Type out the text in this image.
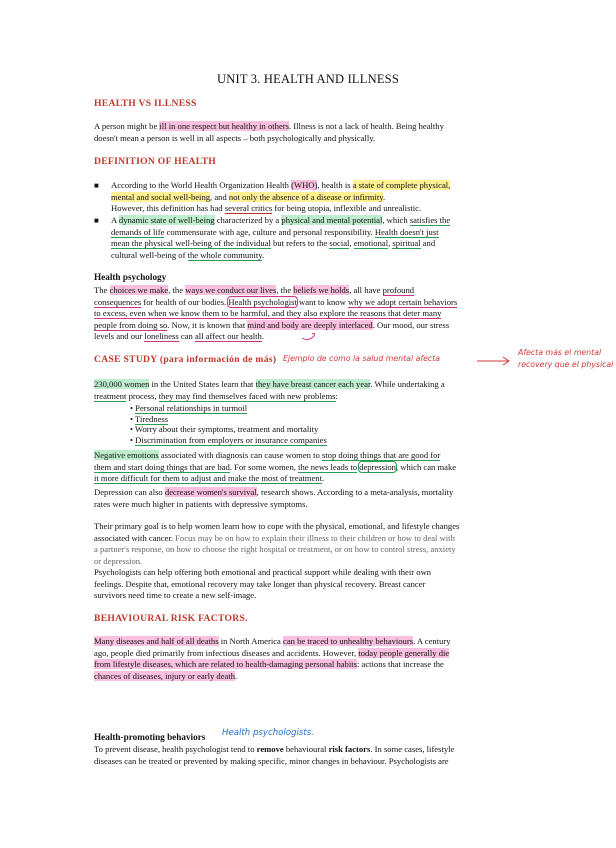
UNIT 3. HEALTH AND ILLNESS
HEALTH VS ILLNESS
A person might be ill in one respect but healthy in others. Illness is not a lack of health. Being healthy
doesn't mean a person is well in all aspects – both psychologically and physically.
DEFINITION OF HEALTH
■ According to the World Health Organization Health (WHO), health is a state of complete physical,
mental and social well-being, and not only the absence of a disease or infirmity.
However, this definition has had several critics for being utopia, inflexible and unrealistic.
■ A dynamic state of well-being characterized by a physical and mental potential, which satisfies the
demands of life commensurate with age, culture and personal responsibility. Health doesn't just
mean the physical well-being of the individual but refers to the social, emotional, spiritual and
cultural well-being of the whole community.
Health psychology
The choices we make, the ways we conduct our lives, the beliefs we holds, all have profound
consequences for health of our bodies. Health psychologist want to know why we adopt certain behaviors
to excess, even when we know them to be harmful, and they also explore the reasons that deter many
people from doing so. Now, it is known that mind and body are deeply interlaced. Our mood, our stress
levels and our loneliness can all affect our health.
CASE STUDY (para información de más) Ejemplo de como la salud mental afecta
Afecta más el mental
recovery que el physical
230,000 women in the United States learn that they have breast cancer each year. While undertaking a
treatment process, they may find themselves faced with new problems:
• Personal relationships in turmoil
• Tiredness
• Worry about their symptoms, treatment and mortality
• Discrimination from employers or insurance companies
Negative emotions associated with diagnosis can cause women to stop doing things that are good for
them and start doing things that are bad. For some women, the news leads to depression, which can make
it more difficult for them to adjust and make the most of treatment.
Depression can also decrease women's survival, research shows. According to a meta-analysis, mortality
rates were much higher in patients with depressive symptoms.
Their primary goal is to help women learn how to cope with the physical, emotional, and lifestyle changes
associated with cancer. Focus may be on how to explain their illness to their children or how to deal with
a partner's response, on how to choose the right hospital or treatment, or on how to control stress, anxiety
or depression.
Psychologists can help offering both emotional and practical support while dealing with their own
feelings. Despite that, emotional recovery may take longer than physical recovery. Breast cancer
survivors need time to create a new self-image.
BEHAVIOURAL RISK FACTORS.
Many diseases and half of all deaths in North America can be traced to unhealthy behaviours. A century
ago, people died primarily from infectious diseases and accidents. However, today people generally die
from lifestyle diseases, which are related to health-damaging personal habits: actions that increase the
chances of diseases, injury or early death.
Health-promoting behaviors Health psychologists.
To prevent disease, health psychologist tend to remove behavioural risk factors. In some cases, lifestyle
diseases can be treated or prevented by making specific, minor changes in behaviour. Psychologists are
